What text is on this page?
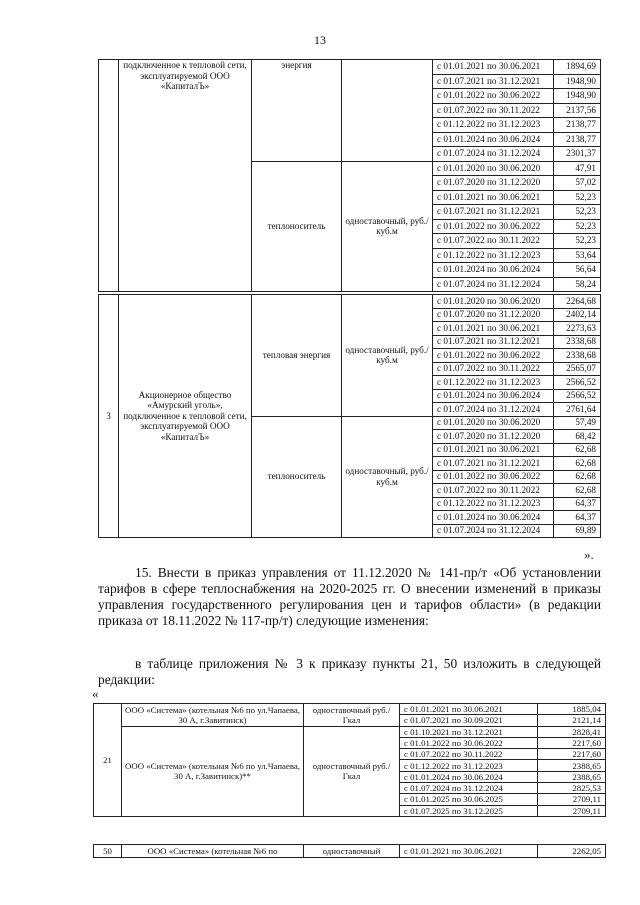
13
	подключенное к тепловой сети, эксплуатируемой ООО «КапиталЪ»	энергия		с 01.01.2021 по 30.06.2021	1894,69
				с 01.07.2021 по 31.12.2021	1948,90
				с 01.01.2022 по 30.06.2022	1948,90
				с 01.07.2022 по 30.11.2022	2137,56
				с 01.12.2022 по 31.12.2023	2138,77
				с 01.01.2024 по 30.06.2024	2138,77
				с 01.07.2024 по 31.12.2024	2301,37
		теплоноситель	одноставочный, руб./куб.м	с 01.01.2020 по 30.06.2020	47,91
				с 01.07.2020 по 31.12.2020	57,02
				с 01.01.2021 по 30.06.2021	52,23
				с 01.07.2021 по 31.12.2021	52,23
				с 01.01.2022 по 30.06.2022	52,23
				с 01.07.2022 по 30.11.2022	52,23
				с 01.12.2022 по 31.12.2023	53,64
				с 01.01.2024 по 30.06.2024	56,64
				с 01.07.2024 по 31.12.2024	58,24
3	Акционерное общество «Амурский уголь», подключенное к тепловой сети, эксплуатируемой ООО «КапиталЪ»	тепловая энергия	одноставочный, руб./куб.м	с 01.01.2020 по 30.06.2020	2264,68
				с 01.07.2020 по 31.12.2020	2402,14
				с 01.01.2021 по 30.06.2021	2273,63
				с 01.07.2021 по 31.12.2021	2338,68
				с 01.01.2022 по 30.06.2022	2338,68
				с 01.07.2022 по 30.11.2022	2565,07
				с 01.12.2022 по 31.12.2023	2566,52
				с 01.01.2024 по 30.06.2024	2566,52
				с 01.07.2024 по 31.12.2024	2761,64
		теплоноситель	одноставочный, руб./куб.м	с 01.01.2020 по 30.06.2020	57,49
				с 01.07.2020 по 31.12.2020	68,42
				с 01.01.2021 по 30.06.2021	62,68
				с 01.07.2021 по 31.12.2021	62,68
				с 01.01.2022 по 30.06.2022	62,68
				с 01.07.2022 по 30.11.2022	62,68
				с 01.12.2022 по 31.12.2023	64,37
				с 01.01.2024 по 30.06.2024	64,37
				с 01.07.2024 по 31.12.2024	69,89
».
15. Внести в приказ управления от 11.12.2020 № 141-пр/т «Об установлении тарифов в сфере теплоснабжения на 2020-2025 гг. О внесении изменений в приказы управления государственного регулирования цен и тарифов области» (в редакции приказа от 18.11.2022 № 117-пр/т) следующие изменения:
в таблице приложения № 3 к приказу пункты 21, 50 изложить в следующей редакции:
«
21	ООО «Система» (котельная №6 по ул.Чапаева, 30 А, г.Завитинск)	одноставочный руб./Гкал	с 01.01.2021 по 30.06.2021	1885,04
			с 01.07.2021 по 30.09.2021	2121,14
	ООО «Система» (котельная №6 по ул.Чапаева, 30 А, г.Завитинск)**	одноставочный руб./Гкал	с 01.10.2021 по 31.12.2021	2828,41
			с 01.01.2022 по 30.06.2022	2217,60
			с 01.07.2022 по 30.11.2022	2217,60
			с 01.12.2022 по 31.12.2023	2388,65
			с 01.01.2024 по 30.06.2024	2388,65
			с 01.07.2024 по 31.12.2024	2825,53
			с 01.01.2025 по 30.06.2025	2709,11
			с 01.07.2025 по 31.12.2025	2709,11
50	ООО «Система» (котельная №6 по	одноставочный	с 01.01.2021 по 30.06.2021	2262,05
